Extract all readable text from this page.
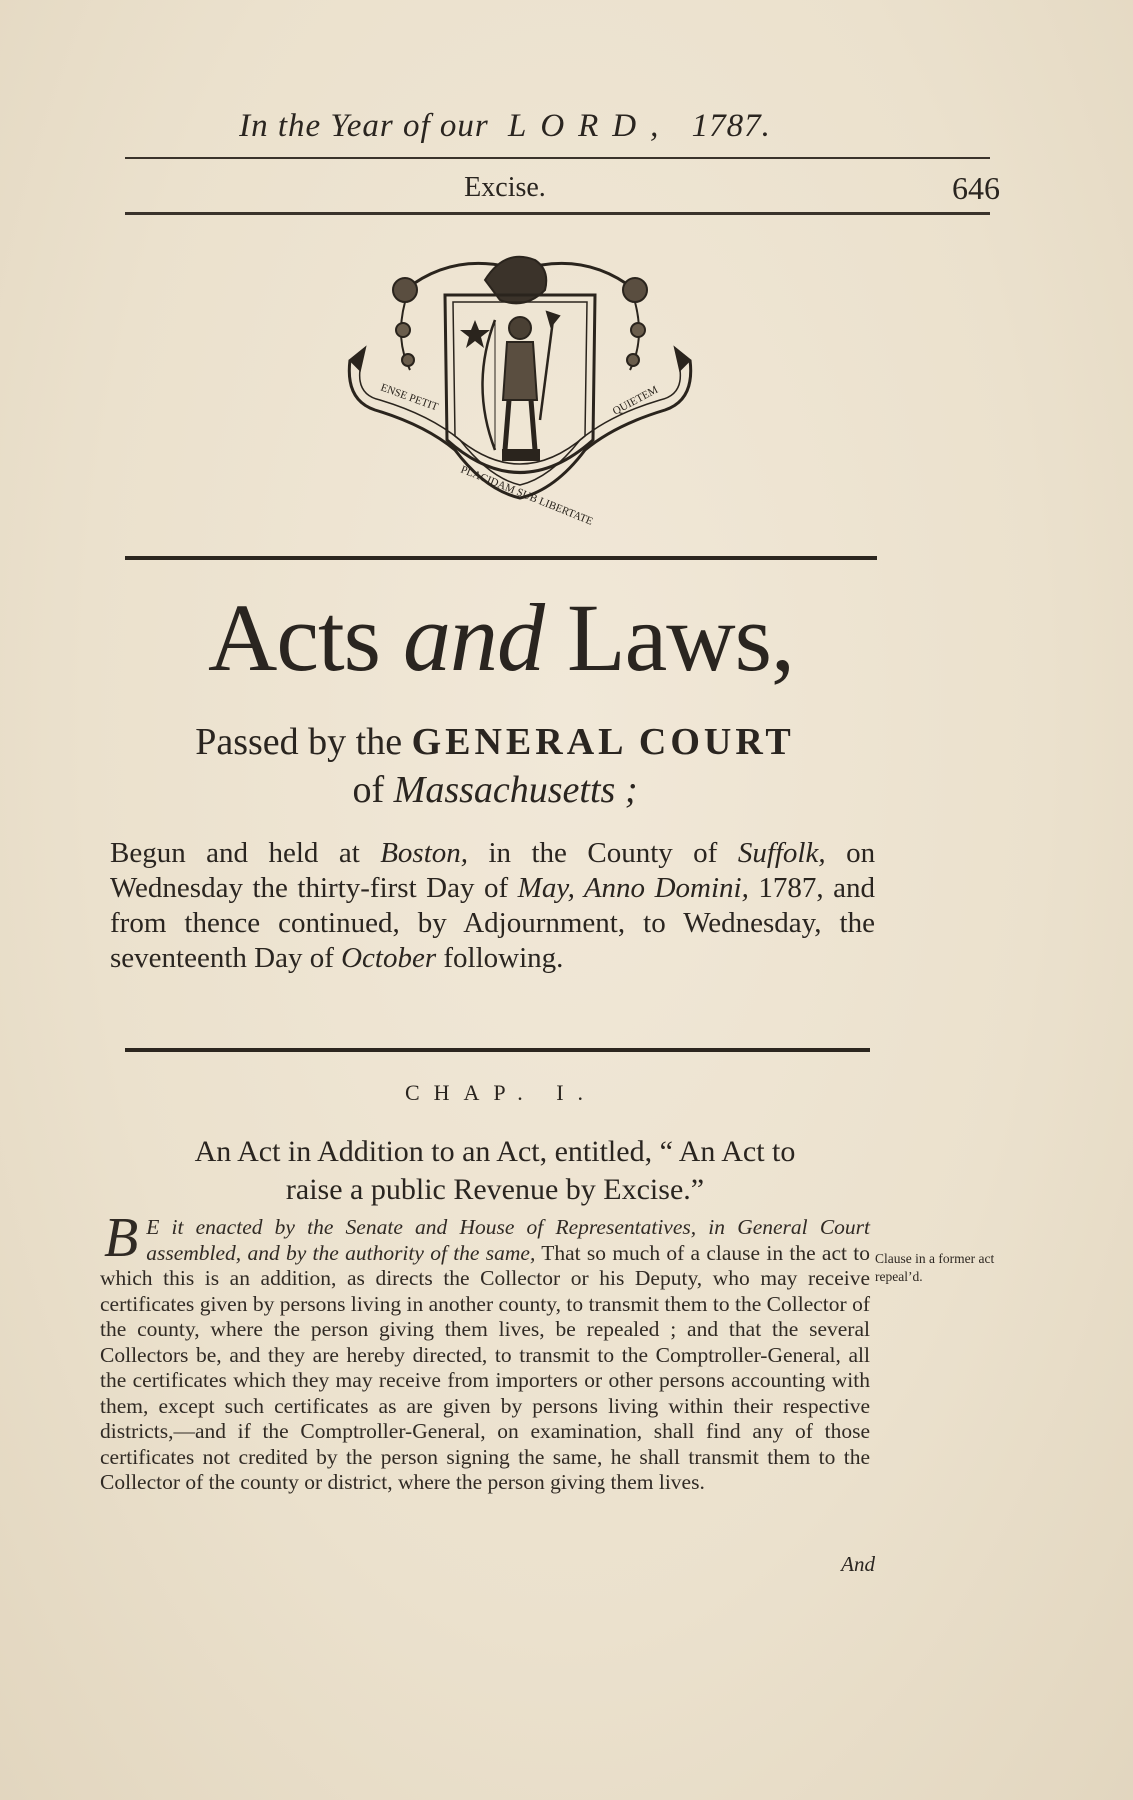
In the Year of our LORD, 1787.
Excise.	646
ENSE PETIT
PLACIDAM SUB LIBERTATE
QUIETEM
Acts and Laws,
Passed by the GENERAL COURT
of Massachusetts ;
Begun and held at Boston, in the County of Suffolk, on Wednesday the thirty-first Day of May, Anno Domini, 1787, and from thence continued, by Adjournment, to Wednesday, the seventeenth Day of October following.
CHAP. I.
An Act in Addition to an Act, entitled, “ An Act to
raise a public Revenue by Excise.”
B E it enacted by the Senate and House of Representatives, in General Court assembled, and by the authority of the same, That so much of a clause in the act to which this is an addition, as directs the Collector or his Deputy, who may receive certificates given by persons living in another county, to transmit them to the Collector of the county, where the person giving them lives, be repealed ; and that the several Collectors be, and they are hereby directed, to transmit to the Comptroller-General, all the certificates which they may receive from importers or other persons accounting with them, except such certificates as are given by persons living within their respective districts,—and if the Comptroller-General, on examination, shall find any of those certificates not credited by the person signing the same, he shall transmit them to the Collector of the county or district, where the person giving them lives.
Clause in a former act repeal’d.
And
